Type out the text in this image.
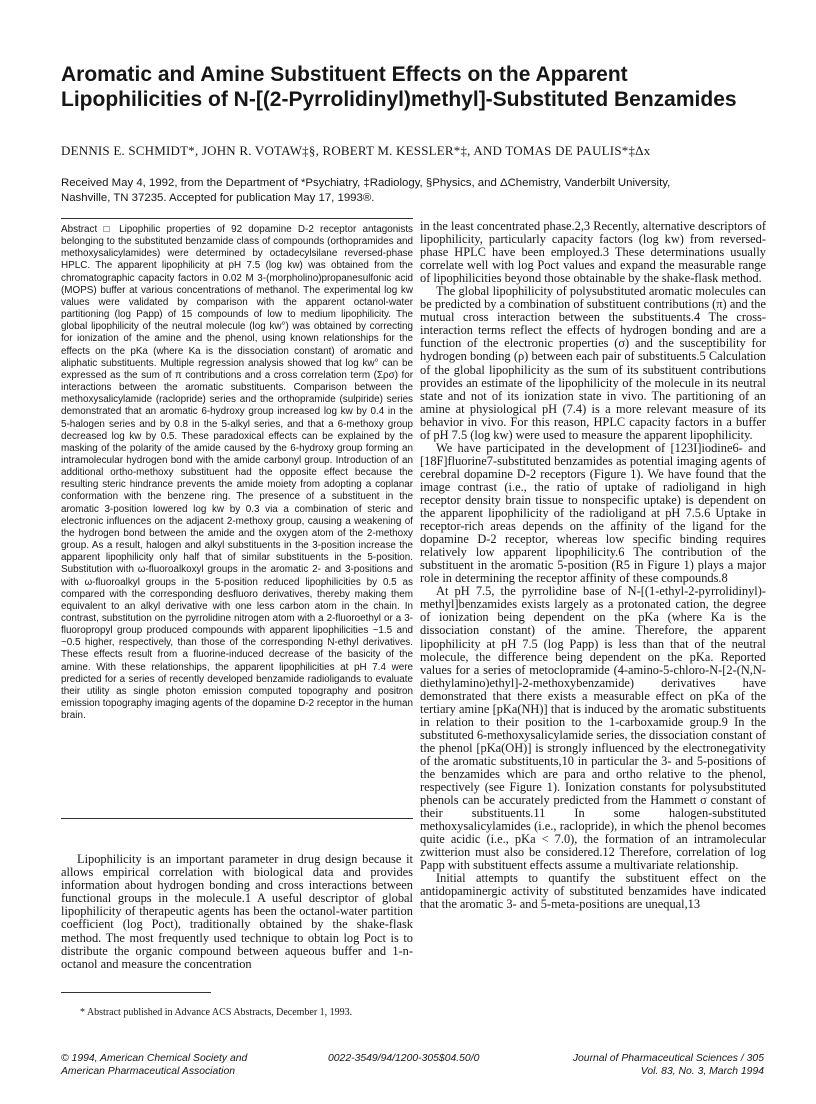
Aromatic and Amine Substituent Effects on the Apparent Lipophilicities of N-[(2-Pyrrolidinyl)methyl]-Substituted Benzamides

DENNIS E. SCHMIDT*, JOHN R. VOTAW‡§, ROBERT M. KESSLER*‡, AND TOMAS DE PAULIS*‡Δx

Received May 4, 1992, from the Department of *Psychiatry, ‡Radiology, §Physics, and ΔChemistry, Vanderbilt University,
Nashville, TN 37235. Accepted for publication May 17, 1993®.

Abstract □ Lipophilic properties of 92 dopamine D-2 receptor antagonists belonging to the substituted benzamide class of compounds (orthopramides and methoxysalicylamides) were determined by octadecylsilane reversed-phase HPLC. The apparent lipophilicity at pH 7.5 (log kw) was obtained from the chromatographic capacity factors in 0.02 M 3-(morpholino)propanesulfonic acid (MOPS) buffer at various concentrations of methanol. The experimental log kw values were validated by comparison with the apparent octanol-water partitioning (log Papp) of 15 compounds of low to medium lipophilicity. The global lipophilicity of the neutral molecule (log kw°) was obtained by correcting for ionization of the amine and the phenol, using known relationships for the effects on the pKa (where Ka is the dissociation constant) of aromatic and aliphatic substituents. Multiple regression analysis showed that log kw° can be expressed as the sum of π contributions and a cross correlation term (Σρσ) for interactions between the aromatic substituents. Comparison between the methoxysalicylamide (raclopride) series and the orthopramide (sulpiride) series demonstrated that an aromatic 6-hydroxy group increased log kw by 0.4 in the 5-halogen series and by 0.8 in the 5-alkyl series, and that a 6-methoxy group decreased log kw by 0.5. These paradoxical effects can be explained by the masking of the polarity of the amide caused by the 6-hydroxy group forming an intramolecular hydrogen bond with the amide carbonyl group. Introduction of an additional ortho-methoxy substituent had the opposite effect because the resulting steric hindrance prevents the amide moiety from adopting a coplanar conformation with the benzene ring. The presence of a substituent in the aromatic 3-position lowered log kw by 0.3 via a combination of steric and electronic influences on the adjacent 2-methoxy group, causing a weakening of the hydrogen bond between the amide and the oxygen atom of the 2-methoxy group. As a result, halogen and alkyl substituents in the 3-position increase the apparent lipophilicity only half that of similar substituents in the 5-position. Substitution with ω-fluoroalkoxyl groups in the aromatic 2- and 3-positions and with ω-fluoroalkyl groups in the 5-position reduced lipophilicities by 0.5 as compared with the corresponding desfluoro derivatives, thereby making them equivalent to an alkyl derivative with one less carbon atom in the chain. In contrast, substitution on the pyrrolidine nitrogen atom with a 2-fluoroethyl or a 3-fluoropropyl group produced compounds with apparent lipophilicities ~1.5 and ~0.5 higher, respectively, than those of the corresponding N-ethyl derivatives. These effects result from a fluorine-induced decrease of the basicity of the amine. With these relationships, the apparent lipophilicities at pH 7.4 were predicted for a series of recently developed benzamide radioligands to evaluate their utility as single photon emission computed topography and positron emission topography imaging agents of the dopamine D-2 receptor in the human brain.

Lipophilicity is an important parameter in drug design because it allows empirical correlation with biological data and provides information about hydrogen bonding and cross interactions between functional groups in the molecule.1 A useful descriptor of global lipophilicity of therapeutic agents has been the octanol-water partition coefficient (log Poct), traditionally obtained by the shake-flask method. The most frequently used technique to obtain log Poct is to distribute the organic compound between aqueous buffer and 1-n-octanol and measure the concentration

* Abstract published in Advance ACS Abstracts, December 1, 1993.

in the least concentrated phase.2,3 Recently, alternative descriptors of lipophilicity, particularly capacity factors (log kw) from reversed-phase HPLC have been employed.3 These determinations usually correlate well with log Poct values and expand the measurable range of lipophilicities beyond those obtainable by the shake-flask method.

The global lipophilicity of polysubstituted aromatic molecules can be predicted by a combination of substituent contributions (π) and the mutual cross interaction between the substituents.4 The cross-interaction terms reflect the effects of hydrogen bonding and are a function of the electronic properties (σ) and the susceptibility for hydrogen bonding (ρ) between each pair of substituents.5 Calculation of the global lipophilicity as the sum of its substituent contributions provides an estimate of the lipophilicity of the molecule in its neutral state and not of its ionization state in vivo. The partitioning of an amine at physiological pH (7.4) is a more relevant measure of its behavior in vivo. For this reason, HPLC capacity factors in a buffer of pH 7.5 (log kw) were used to measure the apparent lipophilicity.

We have participated in the development of [123I]iodine6- and [18F]fluorine7-substituted benzamides as potential imaging agents of cerebral dopamine D-2 receptors (Figure 1). We have found that the image contrast (i.e., the ratio of uptake of radioligand in high receptor density brain tissue to nonspecific uptake) is dependent on the apparent lipophilicity of the radioligand at pH 7.5.6 Uptake in receptor-rich areas depends on the affinity of the ligand for the dopamine D-2 receptor, whereas low specific binding requires relatively low apparent lipophilicity.6 The contribution of the substituent in the aromatic 5-position (R5 in Figure 1) plays a major role in determining the receptor affinity of these compounds.8

At pH 7.5, the pyrrolidine base of N-[(1-ethyl-2-pyrrolidinyl)-methyl]benzamides exists largely as a protonated cation, the degree of ionization being dependent on the pKa (where Ka is the dissociation constant) of the amine. Therefore, the apparent lipophilicity at pH 7.5 (log Papp) is less than that of the neutral molecule, the difference being dependent on the pKa. Reported values for a series of metoclopramide (4-amino-5-chloro-N-[2-(N,N-diethylamino)ethyl]-2-methoxybenzamide) derivatives have demonstrated that there exists a measurable effect on pKa of the tertiary amine [pKa(NH)] that is induced by the aromatic substituents in relation to their position to the 1-carboxamide group.9 In the substituted 6-methoxysalicylamide series, the dissociation constant of the phenol [pKa(OH)] is strongly influenced by the electronegativity of the aromatic substituents,10 in particular the 3- and 5-positions of the benzamides which are para and ortho relative to the phenol, respectively (see Figure 1). Ionization constants for polysubstituted phenols can be accurately predicted from the Hammett σ constant of their substituents.11 In some halogen-substituted methoxysalicylamides (i.e., raclopride), in which the phenol becomes quite acidic (i.e., pKa < 7.0), the formation of an intramolecular zwitterion must also be considered.12 Therefore, correlation of log Papp with substituent effects assume a multivariate relationship.

Initial attempts to quantify the substituent effect on the antidopaminergic activity of substituted benzamides have indicated that the aromatic 3- and 5-meta-positions are unequal,13

© 1994, American Chemical Society and
American Pharmaceutical Association
0022-3549/94/1200-305$04.50/0	Journal of Pharmaceutical Sciences / 305
Vol. 83, No. 3, March 1994
